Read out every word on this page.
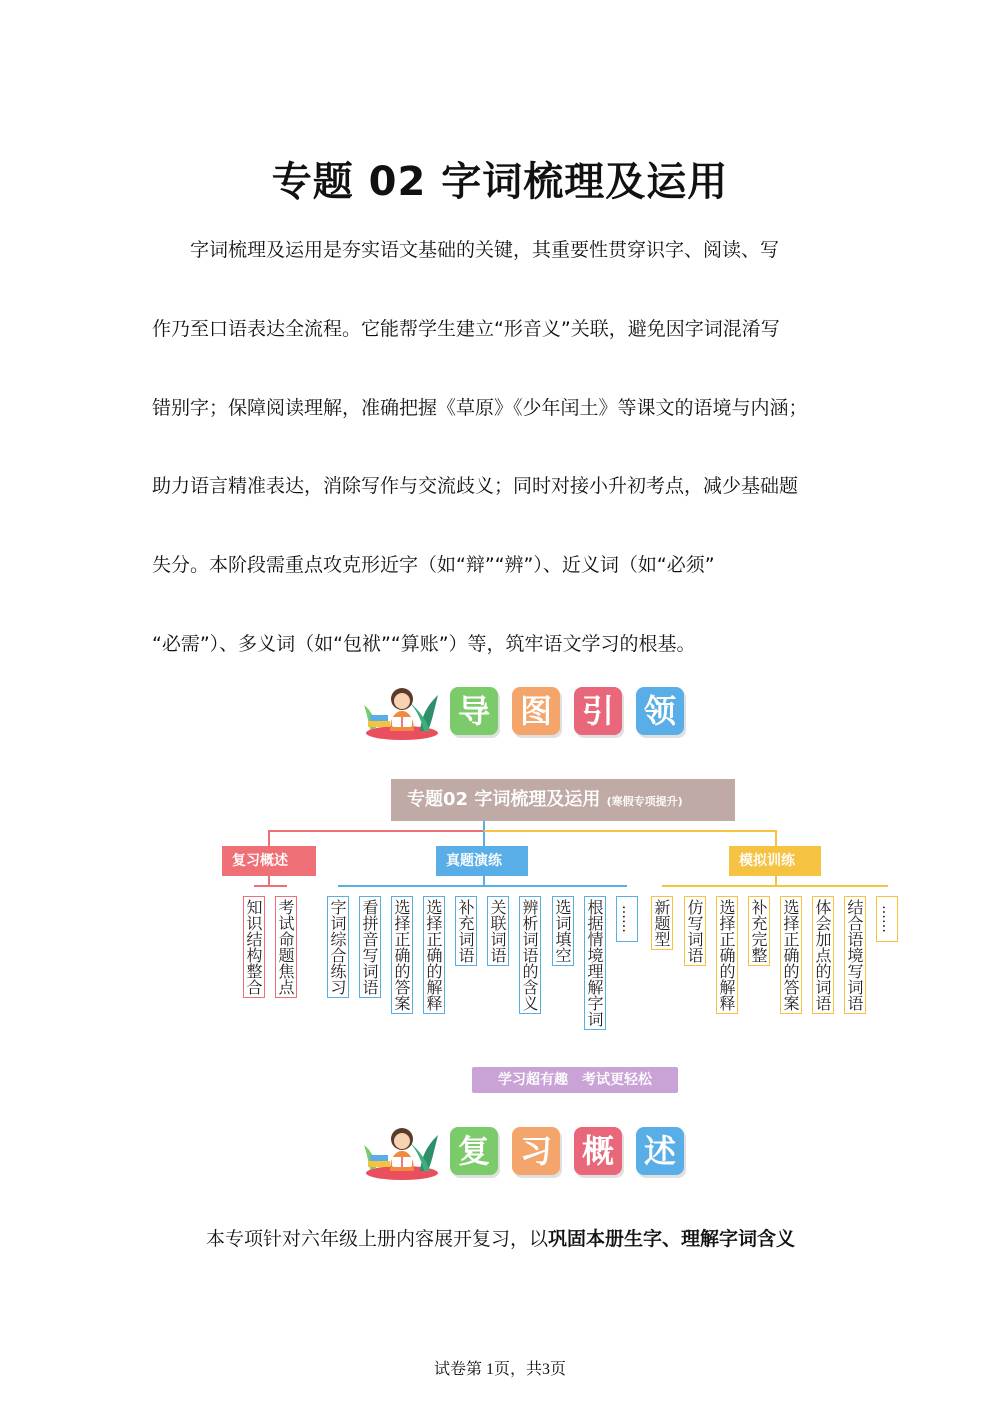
专题 02 字词梳理及运用
　　字词梳理及运用是夯实语文基础的关键，其重要性贯穿识字、阅读、写
作乃至口语表达全流程。它能帮学生建立“形音义”关联，避免因字词混淆写
错别字；保障阅读理解，准确把握《草原》《少年闰土》等课文的语境与内涵；
助力语言精准表达，消除写作与交流歧义；同时对接小升初考点，减少基础题
失分。本阶段需重点攻克形近字（如“辩”“辨”）、近义词（如“必须”
“必需”）、多义词（如“包袱”“算账”）等，筑牢语文学习的根基。
导 图 引 领
专题02 字词梳理及运用 (寒假专项提升)
复习概述	真题演练	模拟训练
知识结构整合 考试命题焦点 字词综合练习 看拼音写词语 选择正确的答案 选择正确的解释 补充词语 关联词语 辨析词语的含义 选词填空 根据情境理解字词 …… 新题型 仿写词语 选择正确的解释 补充完整 选择正确的答案 体会加点的词语 结合语境写词语 ……
学习超有趣　考试更轻松
复 习 概 述
本专项针对六年级上册内容展开复习，以巩固本册生字、理解字词含义
试卷第 1页，共3页
